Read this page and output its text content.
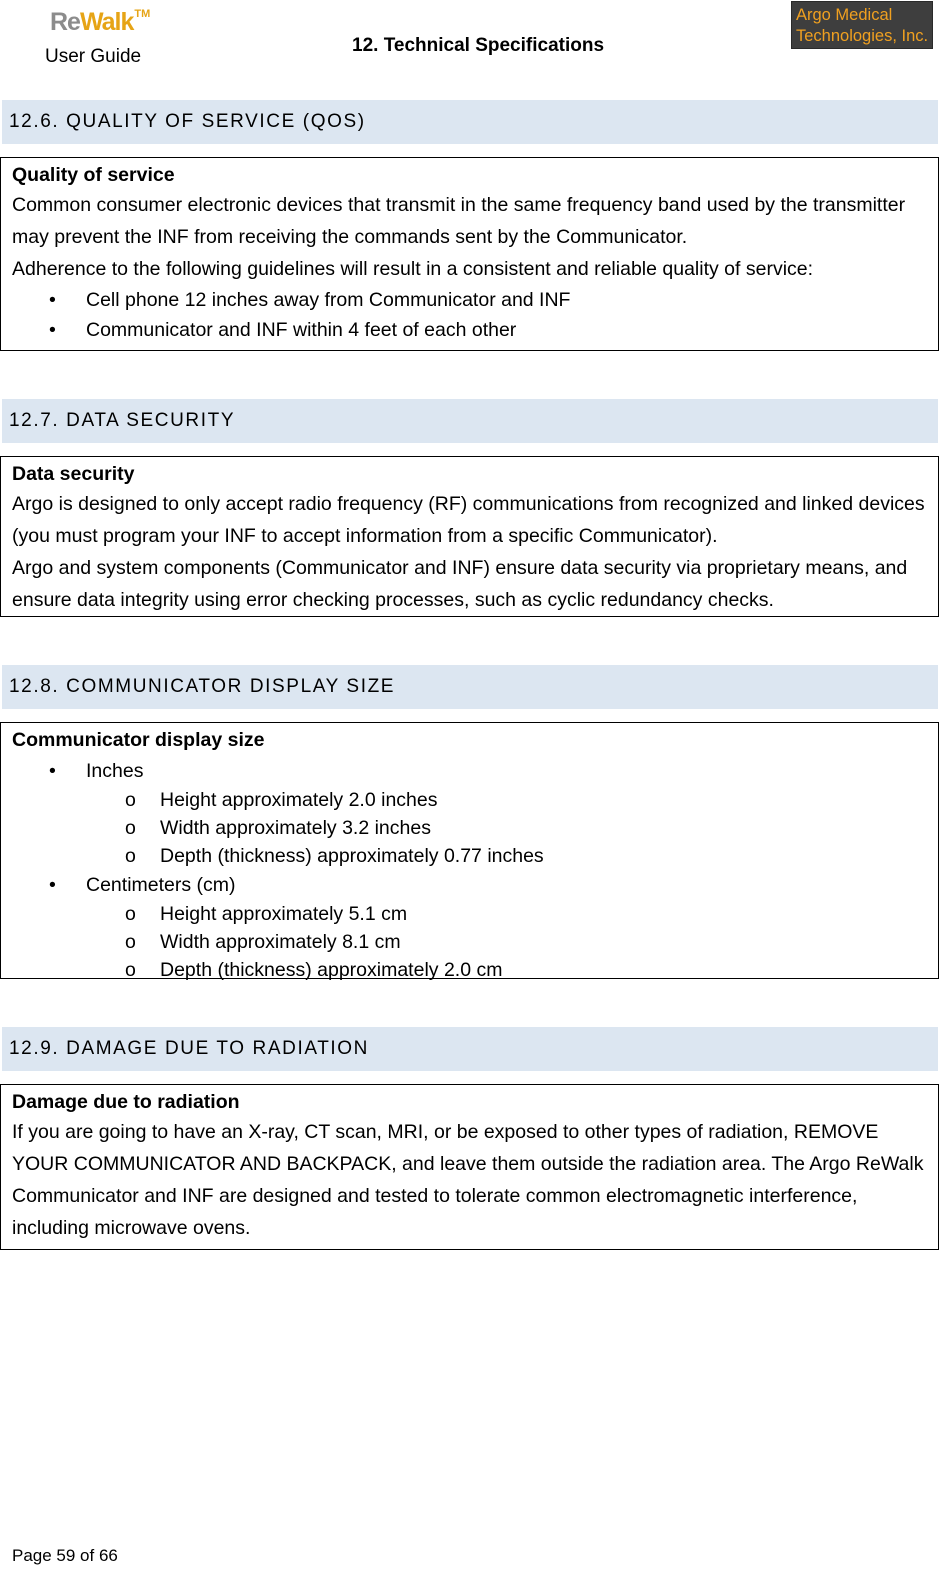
ReWalk™
User Guide
12. Technical Specifications
Argo Medical
Technologies, Inc.
12.6. QUALITY OF SERVICE (QOS)
Quality of service

Common consumer electronic devices that transmit in the same frequency band used by the transmitter may prevent the INF from receiving the commands sent by the Communicator.

Adherence to the following guidelines will result in a consistent and reliable quality of service:

• Cell phone 12 inches away from Communicator and INF
• Communicator and INF within 4 feet of each other
12.7. DATA SECURITY
Data security

Argo is designed to only accept radio frequency (RF) communications from recognized and linked devices (you must program your INF to accept information from a specific Communicator).

Argo and system components (Communicator and INF) ensure data security via proprietary means, and ensure data integrity using error checking processes, such as cyclic redundancy checks.

12.8. COMMUNICATOR DISPLAY SIZE
Communicator display size
• Inches
o Height approximately 2.0 inches
o Width approximately 3.2 inches
o Depth (thickness) approximately 0.77 inches
• Centimeters (cm)
o Height approximately 5.1 cm
o Width approximately 8.1 cm
o Depth (thickness) approximately 2.0 cm
12.9. DAMAGE DUE TO RADIATION
Damage due to radiation

If you are going to have an X-ray, CT scan, MRI, or be exposed to other types of radiation, REMOVE YOUR COMMUNICATOR AND BACKPACK, and leave them outside the radiation area. The Argo ReWalk Communicator and INF are designed and tested to tolerate common electromagnetic interference, including microwave ovens.

Page 59 of 66
